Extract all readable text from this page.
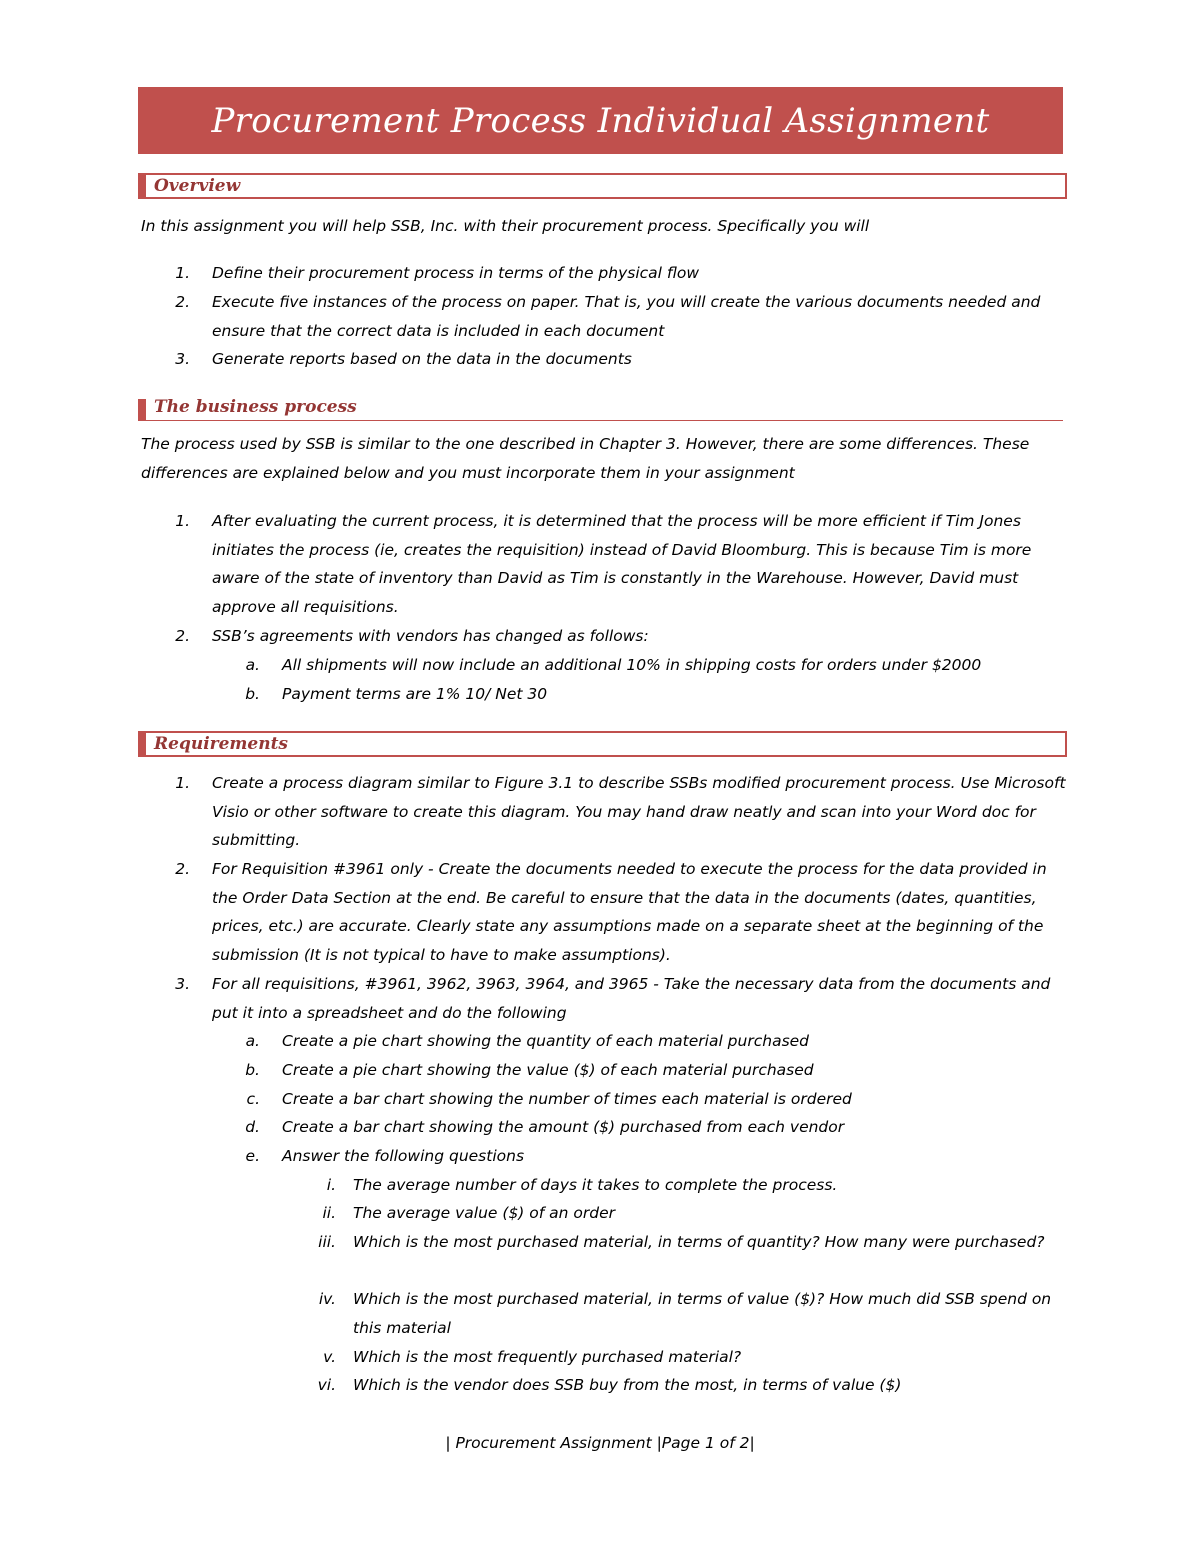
Procurement Process Individual Assignment
Overview
In this assignment you will help SSB, Inc. with their procurement process. Specifically you will
1. Define their procurement process in terms of the physical flow
2. Execute five instances of the process on paper. That is, you will create the various documents needed and ensure that the correct data is included in each document
3. Generate reports based on the data in the documents
The business process
The process used by SSB is similar to the one described in Chapter 3. However, there are some differences. These
differences are explained below and you must incorporate them in your assignment
1. After evaluating the current process, it is determined that the process will be more efficient if Tim Jones initiates the process (ie, creates the requisition) instead of David Bloomburg. This is because Tim is more aware of the state of inventory than David as Tim is constantly in the Warehouse. However, David must approve all requisitions.
2. SSB’s agreements with vendors has changed as follows:
a. All shipments will now include an additional 10% in shipping costs for orders under $2000
b. Payment terms are 1% 10/ Net 30
Requirements
1. Create a process diagram similar to Figure 3.1 to describe SSBs modified procurement process. Use Microsoft Visio or other software to create this diagram. You may hand draw neatly and scan into your Word doc for submitting.
2. For Requisition #3961 only - Create the documents needed to execute the process for the data provided in the Order Data Section at the end. Be careful to ensure that the data in the documents (dates, quantities, prices, etc.) are accurate. Clearly state any assumptions made on a separate sheet at the beginning of the submission (It is not typical to have to make assumptions).
3. For all requisitions, #3961, 3962, 3963, 3964, and 3965 - Take the necessary data from the documents and put it into a spreadsheet and do the following
a. Create a pie chart showing the quantity of each material purchased
b. Create a pie chart showing the value ($) of each material purchased
c. Create a bar chart showing the number of times each material is ordered
d. Create a bar chart showing the amount ($) purchased from each vendor
e. Answer the following questions
i. The average number of days it takes to complete the process.
ii. The average value ($) of an order
iii. Which is the most purchased material, in terms of quantity? How many were purchased?
iv. Which is the most purchased material, in terms of value ($)? How much did SSB spend on this material
v. Which is the most frequently purchased material?
vi. Which is the vendor does SSB buy from the most, in terms of value ($)
| Procurement Assignment |Page 1 of 2|
